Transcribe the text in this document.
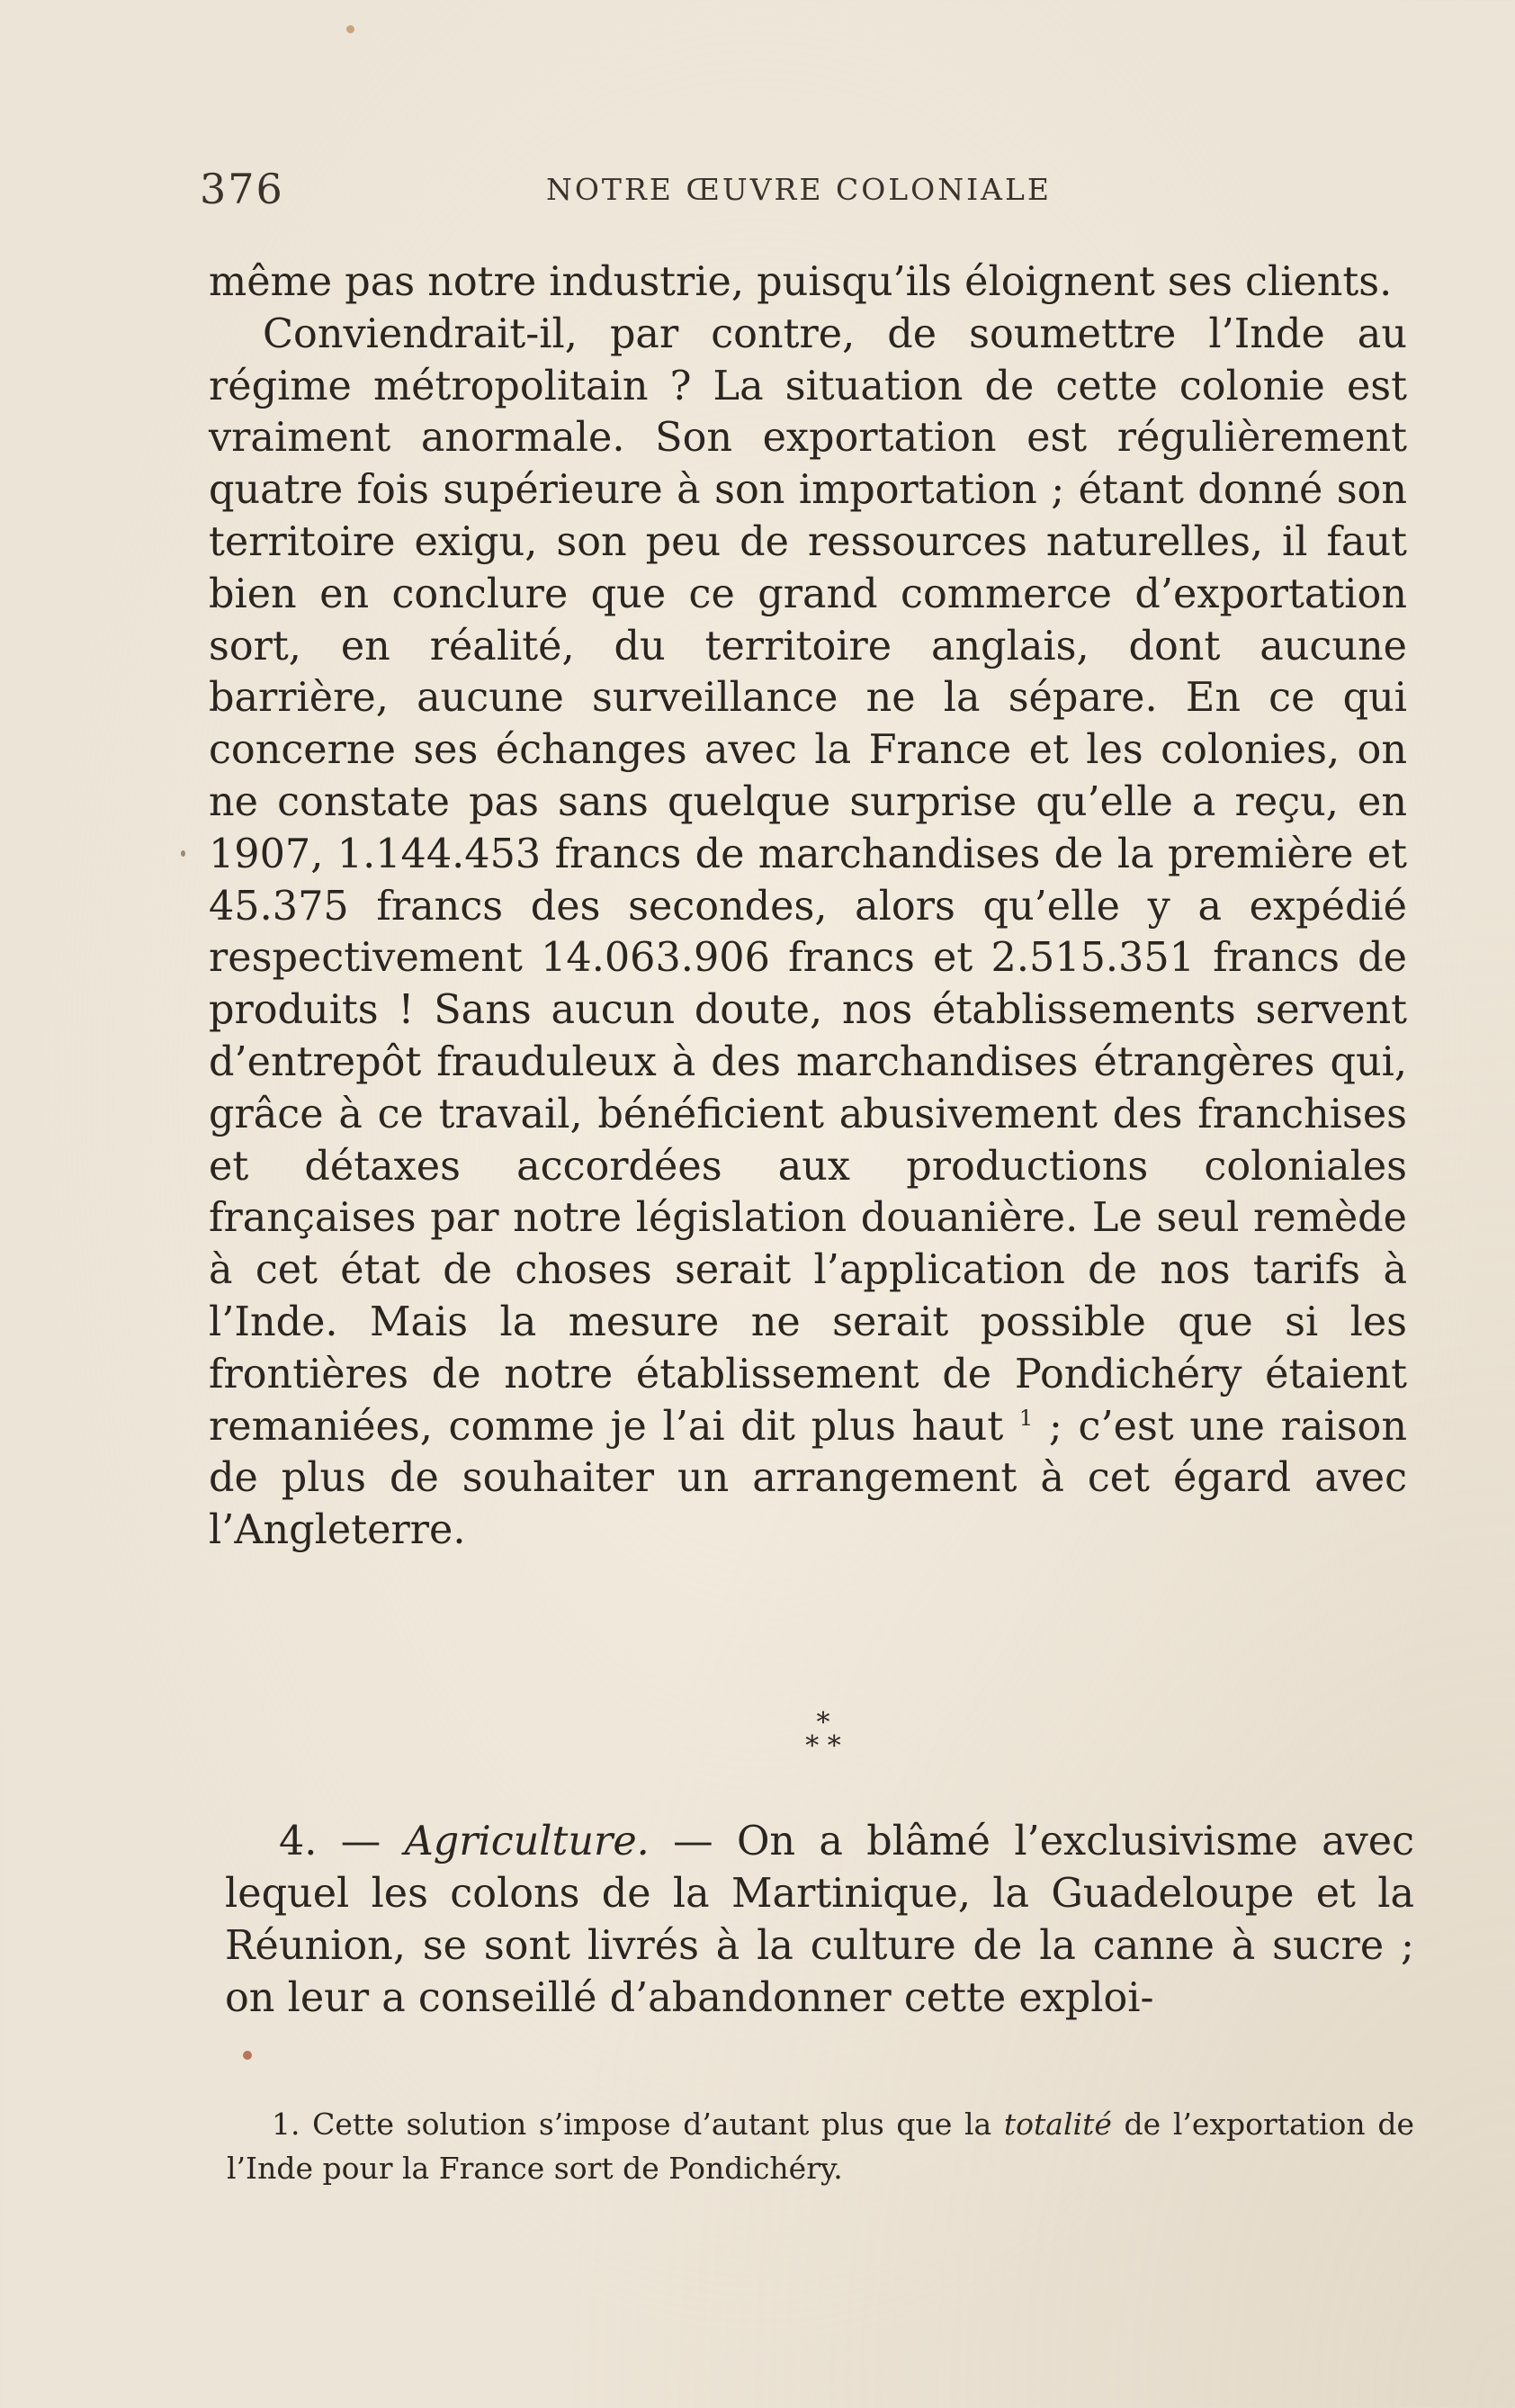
376	NOTRE ŒUVRE COLONIALE

même pas notre industrie, puisqu’ils éloignent ses clients.

Conviendrait-il, par contre, de soumettre l’Inde au régime métropolitain ? La situation de cette colonie est vraiment anormale. Son exportation est régulièrement quatre fois supérieure à son importation ; étant donné son territoire exigu, son peu de ressources naturelles, il faut bien en conclure que ce grand commerce d’exportation sort, en réalité, du territoire anglais, dont aucune barrière, aucune surveillance ne la sépare. En ce qui concerne ses échanges avec la France et les colonies, on ne constate pas sans quelque surprise qu’elle a reçu, en 1907, 1.144.453 francs de marchandises de la première et 45.375 francs des secondes, alors qu’elle y a expédié respectivement 14.063.906 francs et 2.515.351 francs de produits ! Sans aucun doute, nos établissements servent d’entrepôt frauduleux à des marchandises étrangères qui, grâce à ce travail, bénéficient abusivement des franchises et détaxes accordées aux productions coloniales françaises par notre législation douanière. Le seul remède à cet état de choses serait l’application de nos tarifs à l’Inde. Mais la mesure ne serait possible que si les frontières de notre établissement de Pondichéry étaient remaniées, comme je l’ai dit plus haut $^1$ ; c’est une raison de plus de souhaiter un arrangement à cet égard avec l’Angleterre.

*
* *

4. — Agriculture. — On a blâmé l’exclusivisme avec lequel les colons de la Martinique, la Guadeloupe et la Réunion, se sont livrés à la culture de la canne à sucre ; on leur a conseillé d’abandonner cette exploi-

1. Cette solution s’impose d’autant plus que la totalité de l’exportation de l’Inde pour la France sort de Pondichéry.
